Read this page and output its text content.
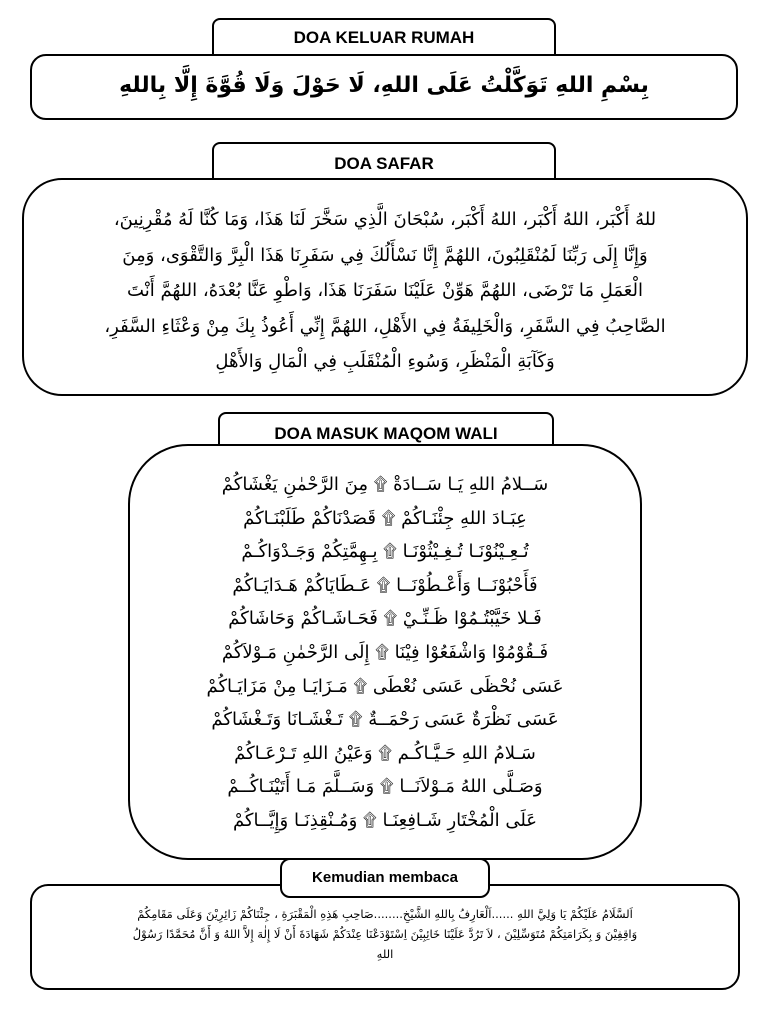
DOA KELUAR RUMAH
بِسْمِ اللهِ تَوَكَّلْتُ عَلَى اللهِ، لَا حَوْلَ وَلَا قُوَّةَ إِلَّا بِاللهِ
DOA SAFAR
للهُ أَكْبَر، اللهُ أَكْبَر، اللهُ أَكْبَر، سُبْحَانَ الَّذِي سَخَّرَ لَنَا هَذَا، وَمَا كُنَّا لَهُ مُقْرِنِينَ،
وَإِنَّا إِلَى رَبِّنَا لَمُنْقَلِبُونَ، اللهُمَّ إِنَّا نَسْأَلُكَ فِي سَفَرِنَا هَذَا الْبِرَّ وَالتَّقْوَى، وَمِنَ
الْعَمَلِ مَا تَرْضَى، اللهُمَّ هَوِّنْ عَلَيْنَا سَفَرَنَا هَذَا، وَاطْوِ عَنَّا بُعْدَهُ، اللهُمَّ أَنْتَ
الصَّاحِبُ فِي السَّفَرِ، وَالْخَلِيفَةُ فِي الأَهْلِ، اللهُمَّ إِنِّي أَعُوذُ بِكَ مِنْ وَعْثَاءِ السَّفَرِ،
وَكَآبَةِ الْمَنْظَرِ، وَسُوءِ الْمُنْقَلَبِ فِي الْمَالِ وَالأَهْلِ
DOA MASUK MAQOM WALI
سَــلامُ اللهِ يَـا سَــادَةْ ۩ مِنَ الرَّحْمٰنِ يَغْشَاكُمْ
عِبَـادَ اللهِ جِئْنَـاكُمْ ۩ قَصَدْنَاكُمْ طَلَبْنَـاكُمْ
تُـعِـيْنُوْنَـا تُـغِـيْثُوْنَـا ۩ بِـهِمَّتِكُمْ وَجَـدْوَاكُـمْ
فَأَحْبُوْنَــا وَأَعْـطُوْنَــا ۩ عَـطَايَاكُمْ هَـدَايَـاكُمْ
فَـلا خَيَّبْتُـمُوْا ظَـنِّـيْ ۩ فَحَـاشَـاكُمْ وَحَاشَاكُمْ
فَـقُوْمُوْا وَاشْفَعُوْا فِيْنَا ۩ إِلَى الرَّحْمٰنِ مَـوْلاَكُمْ
عَسَى نُحْظَى عَسَى نُعْطَى ۩ مَـزَايَـا مِنْ مَزَايَـاكُمْ
عَسَى نَظْرَةٌ عَسَى رَحْمَــةٌ ۩ تَـغْشَـانَا وَتَـغْشَاكُمْ
سَـلامُ اللهِ حَـيَّـاكُـم ۩ وَعَيْنُ اللهِ تَـرْعَـاكُمْ
وَصَـلَّى اللهُ مَـوْلاَنَــا ۩ وَسَــلَّمَ مَـا أَتَيْنَـاكُــمْ
عَلَى الْمُخْتَارِ شَـافِعِنَـا ۩ وَمُـنْقِذِنَـا وَإِيَّــاكُمْ
اَلسَّلَامُ عَلَيْكُمْ يَا وَلِيَّ اللهِ ......اَلْعَارِفُ بِاللهِ الشَّيْخِ........صَاحِبِ هَذِهِ الْمَقْبَرَةِ ، جِئْنَاكُمْ زَائِرِيْنَ وَعَلَى مَقَامِكُمْ
وَاقِفِيْنَ وَ بِكَرَامَتِكُمْ مُتَوَسِّلِيْنَ ، لاَ تَرُدَّ عَلَيْنَا خَائِبِيْنَ اِسْتَوْدَعْنَا عِنْدَكُمْ شَهَادَةَ أَنْ لَا إِلٰهَ إِلاَّ اللهُ وَ أَنَّ مُحَمَّدًا رَسُوْلُ
اللهِ
Kemudian membaca
